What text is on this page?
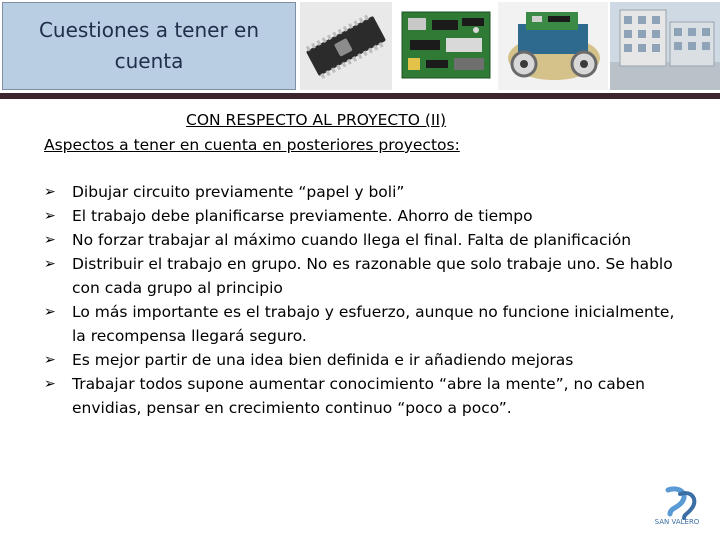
Cuestiones a tener en cuenta
CON RESPECTO AL PROYECTO (II)
Aspectos a tener en cuenta en posteriores proyectos:
➢ Dibujar circuito previamente “papel y boli”
➢ El trabajo debe planificarse previamente. Ahorro de tiempo
➢ No forzar trabajar al máximo cuando llega el final. Falta de planificación
➢ Distribuir el trabajo en grupo. No es razonable que solo trabaje uno. Se hablo con cada grupo al principio
➢ Lo más importante es el trabajo y esfuerzo, aunque no funcione inicialmente, la recompensa llegará seguro.
➢ Es mejor partir de una idea bien definida e ir añadiendo mejoras
➢ Trabajar todos supone aumentar conocimiento “abre la mente”, no caben envidias, pensar en crecimiento continuo “poco a poco”.
SAN VALERO
